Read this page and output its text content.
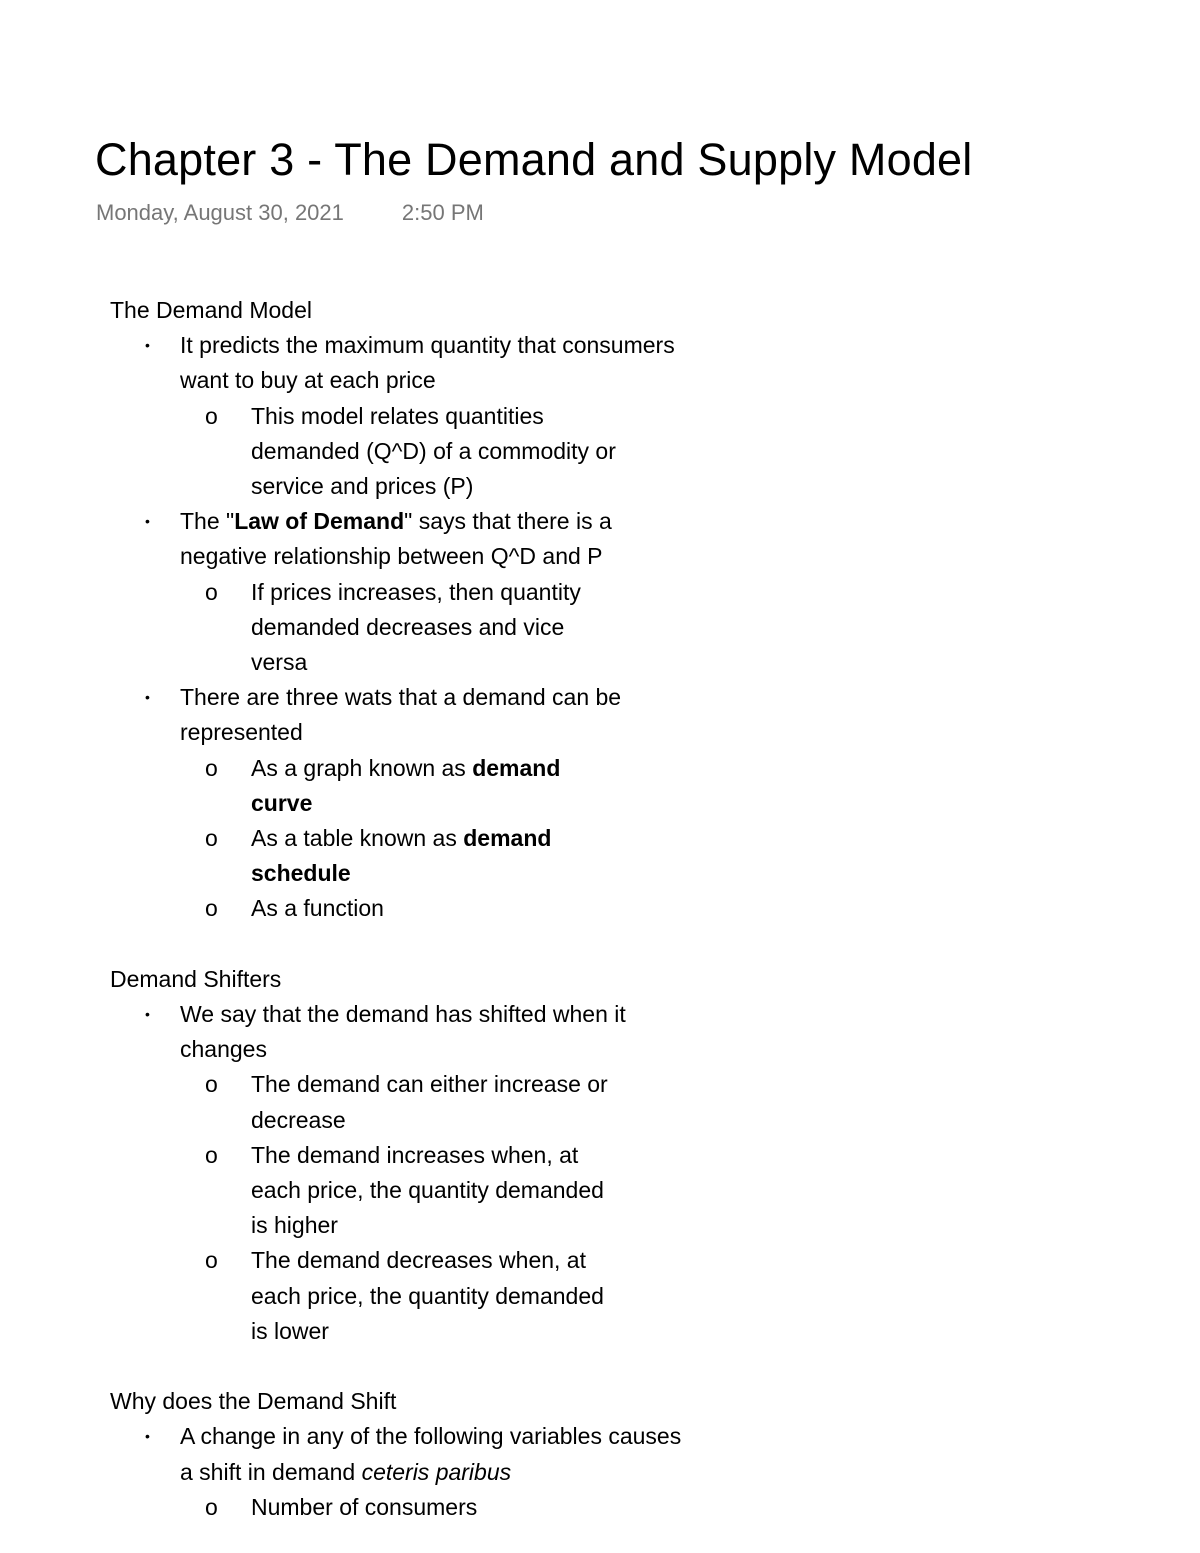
Chapter 3 - The Demand and Supply Model
Monday, August 30, 2021	2:50 PM

The Demand Model

• It predicts the maximum quantity that consumers want to buy at each price
o This model relates quantities demanded (Q^D) of a commodity or service and prices (P)
• The "Law of Demand" says that there is a negative relationship between Q^D and P
o If prices increases, then quantity demanded decreases and vice versa
• There are three wats that a demand can be represented
o As a graph known as demand curve
o As a table known as demand schedule
o As a function

Demand Shifters

• We say that the demand has shifted when it changes
o The demand can either increase or decrease
o The demand increases when, at each price, the quantity demanded is higher
o The demand decreases when, at each price, the quantity demanded is lower

Why does the Demand Shift

• A change in any of the following variables causes a shift in demand ceteris paribus
o Number of consumers
